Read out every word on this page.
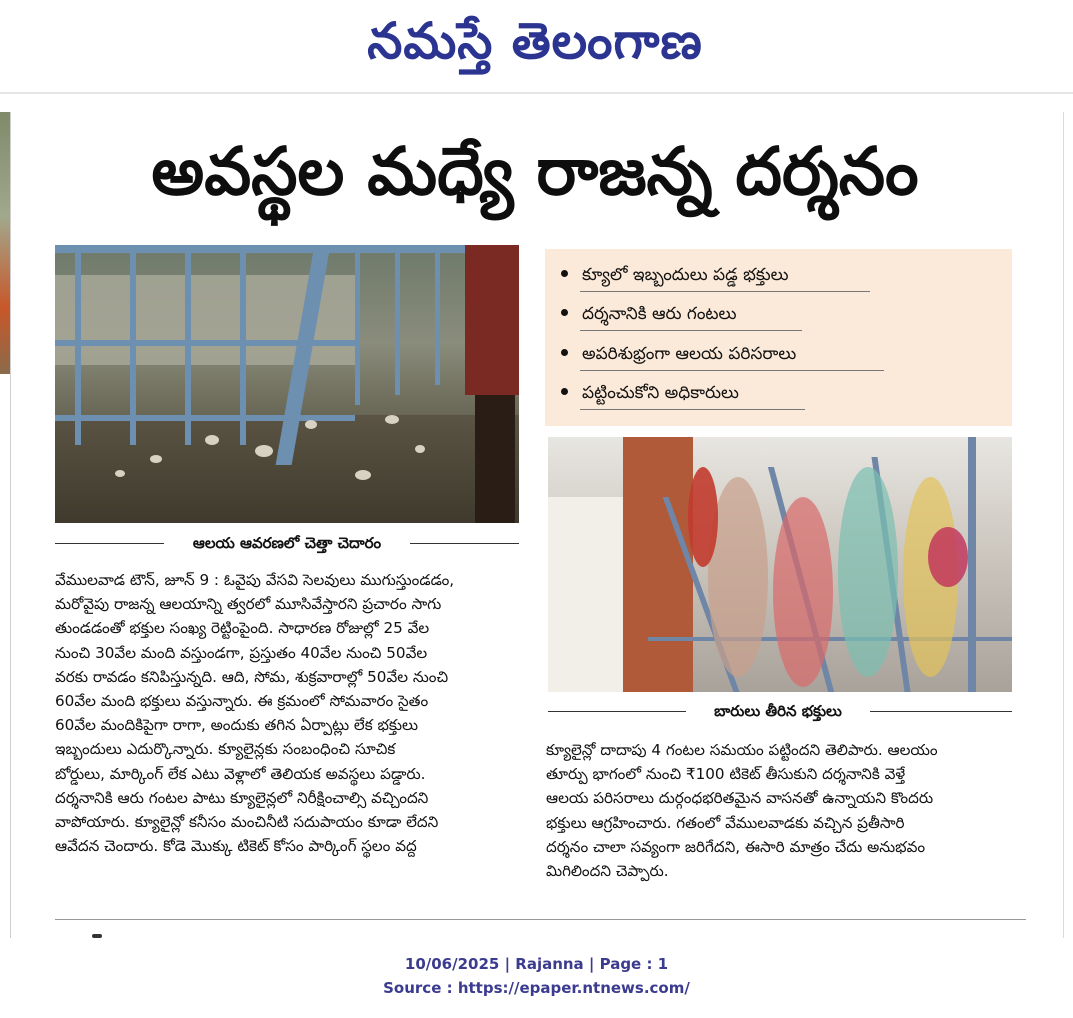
నమస్తే తెలంగాణ
అవస్థల మధ్యే రాజన్న దర్శనం
ఆలయ ఆవరణలో చెత్తా చెదారం

వేములవాడ టౌన్, జూన్ 9 : ఓవైపు వేసవి సెలవులు ముగుస్తుండడం,

మరోవైపు రాజన్న ఆలయాన్ని త్వరలో మూసివేస్తారని ప్రచారం సాగు

తుండడంతో భక్తుల సంఖ్య రెట్టింపైంది. సాధారణ రోజుల్లో 25 వేల

నుంచి 30వేల మంది వస్తుండగా, ప్రస్తుతం 40వేల నుంచి 50వేల

వరకు రావడం కనిపిస్తున్నది. ఆది, సోమ, శుక్రవారాల్లో 50వేల నుంచి

60వేల మంది భక్తులు వస్తున్నారు. ఈ క్రమంలో సోమవారం సైతం

60వేల మందికిపైగా రాగా, అందుకు తగిన ఏర్పాట్లు లేక భక్తులు

ఇబ్బందులు ఎదుర్కొన్నారు. క్యూలైన్లకు సంబంధించి సూచిక

బోర్డులు, మార్కింగ్ లేక ఎటు వెళ్లాలో తెలియక అవస్థలు పడ్డారు.

దర్శనానికి ఆరు గంటల పాటు క్యూలైన్లలో నిరీక్షించాల్సి వచ్చిందని

వాపోయారు. క్యూలైన్లో కనీసం మంచినీటి సదుపాయం కూడా లేదని

ఆవేదన చెందారు. కోడె మొక్కు టికెట్ కోసం పార్కింగ్ స్థలం వద్ద

క్యూలో ఇబ్బందులు పడ్డ భక్తులు
దర్శనానికి ఆరు గంటలు
అపరిశుభ్రంగా ఆలయ పరిసరాలు
పట్టించుకోని అధికారులు
బారులు తీరిన భక్తులు

క్యూలైన్లో దాదాపు 4 గంటల సమయం పట్టిందని తెలిపారు. ఆలయం

తూర్పు భాగంలో నుంచి ₹100 టికెట్ తీసుకుని దర్శనానికి వెళ్తే

ఆలయ పరిసరాలు దుర్గంధభరితమైన వాసనతో ఉన్నాయని కొందరు

భక్తులు ఆగ్రహించారు. గతంలో వేములవాడకు వచ్చిన ప్రతీసారి

దర్శనం చాలా సవ్యంగా జరిగేదని, ఈసారి మాత్రం చేదు అనుభవం

మిగిలిందని చెప్పారు.

10/06/2025 | Rajanna | Page : 1
Source : https://epaper.ntnews.com/
